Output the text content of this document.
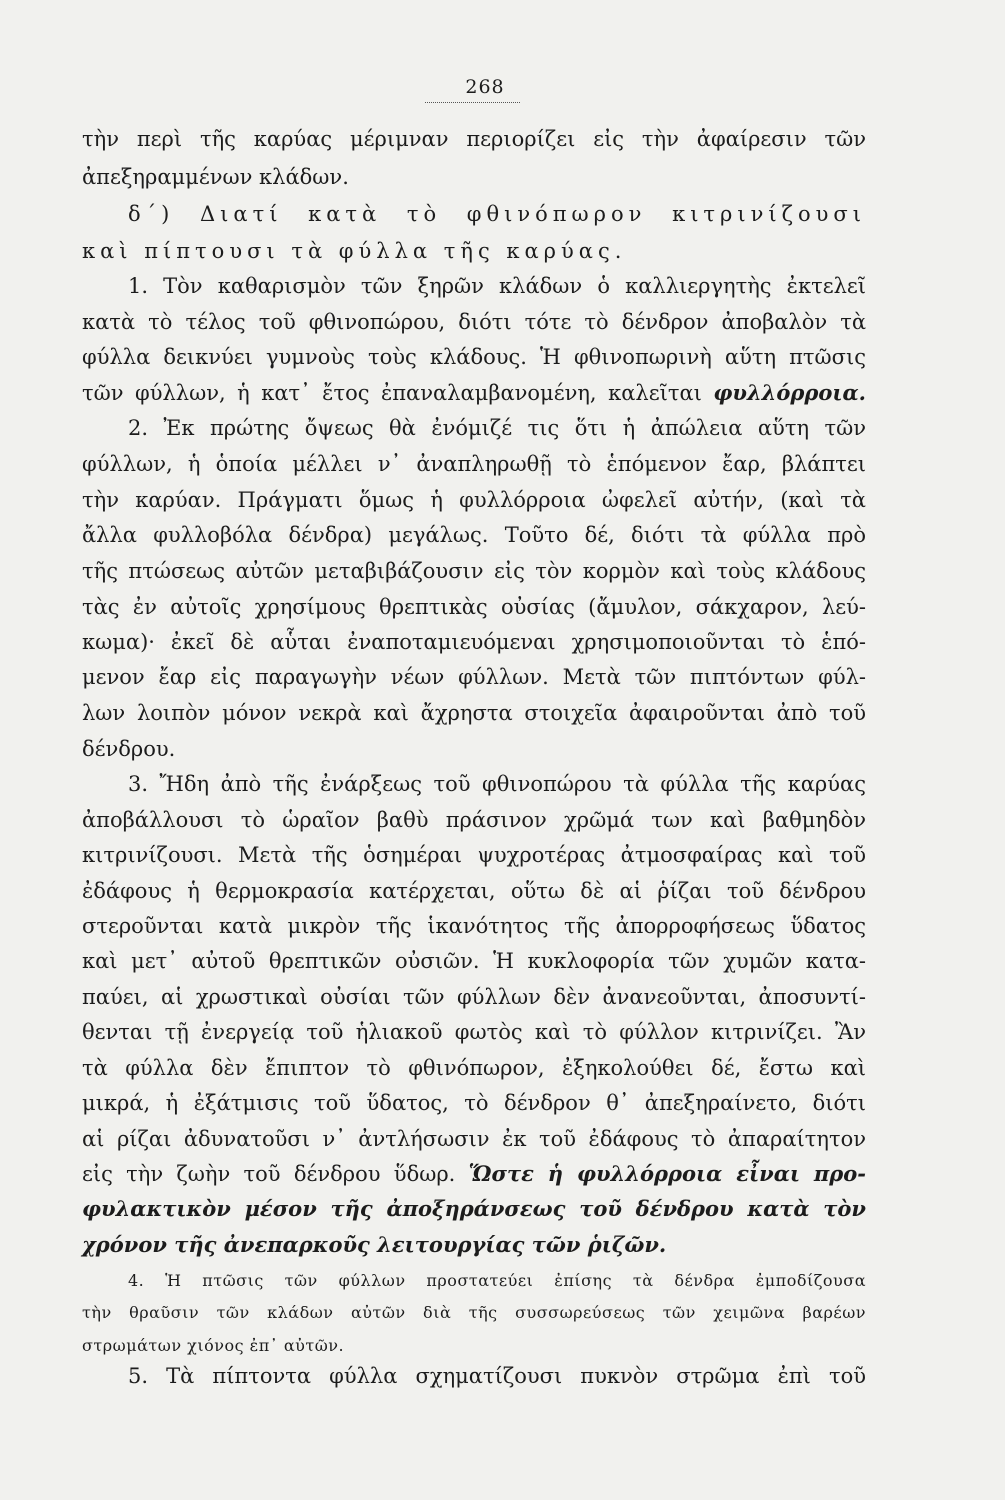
268
τὴν περὶ τῆς καρύας μέριμναν περιορίζει εἰς τὴν ἀφαίρεσιν τῶν
ἀπεξηραμμένων κλάδων.
δ΄) Διατί κατὰ τὸ φθινόπωρον κιτρινίζουσι
καὶ πίπτουσι τὰ φύλλα τῆς καρύας.
1. Τὸν καθαρισμὸν τῶν ξηρῶν κλάδων ὁ καλλιεργητὴς ἐκτελεῖ
κατὰ τὸ τέλος τοῦ φθινοπώρου, διότι τότε τὸ δένδρον ἀποβαλὸν τὰ
φύλλα δεικνύει γυμνοὺς τοὺς κλάδους. Ἡ φθινοπωρινὴ αὕτη πτῶσις
τῶν φύλλων, ἡ κατ᾽ ἔτος ἐπαναλαμβανομένη, καλεῖται φυλλόρροια.
2. Ἐκ πρώτης ὄψεως θὰ ἐνόμιζέ τις ὅτι ἡ ἀπώλεια αὕτη τῶν
φύλλων, ἡ ὁποία μέλλει ν᾽ ἀναπληρωθῇ τὸ ἑπόμενον ἔαρ, βλάπτει
τὴν καρύαν. Πράγματι ὅμως ἡ φυλλόρροια ὠφελεῖ αὐτήν, (καὶ τὰ
ἄλλα φυλλοβόλα δένδρα) μεγάλως. Τοῦτο δέ, διότι τὰ φύλλα πρὸ
τῆς πτώσεως αὐτῶν μεταβιβάζουσιν εἰς τὸν κορμὸν καὶ τοὺς κλάδους
τὰς ἐν αὐτοῖς χρησίμους θρεπτικὰς οὐσίας (ἄμυλον, σάκχαρον, λεύ-
κωμα)· ἐκεῖ δὲ αὗται ἐναποταμιευόμεναι χρησιμοποιοῦνται τὸ ἑπό-
μενον ἔαρ εἰς παραγωγὴν νέων φύλλων. Μετὰ τῶν πιπτόντων φύλ-
λων λοιπὸν μόνον νεκρὰ καὶ ἄχρηστα στοιχεῖα ἀφαιροῦνται ἀπὸ τοῦ
δένδρου.
3. Ἤδη ἀπὸ τῆς ἐνάρξεως τοῦ φθινοπώρου τὰ φύλλα τῆς καρύας
ἀποβάλλουσι τὸ ὡραῖον βαθὺ πράσινον χρῶμά των καὶ βαθμηδὸν
κιτρινίζουσι. Μετὰ τῆς ὁσημέραι ψυχροτέρας ἀτμοσφαίρας καὶ τοῦ
ἐδάφους ἡ θερμοκρασία κατέρχεται, οὕτω δὲ αἱ ῥίζαι τοῦ δένδρου
στεροῦνται κατὰ μικρὸν τῆς ἱκανότητος τῆς ἀπορροφήσεως ὕδατος
καὶ μετ᾽ αὐτοῦ θρεπτικῶν οὐσιῶν. Ἡ κυκλοφορία τῶν χυμῶν κατα-
παύει, αἱ χρωστικαὶ οὐσίαι τῶν φύλλων δὲν ἀνανεοῦνται, ἀποσυντί-
θενται τῇ ἐνεργείᾳ τοῦ ἡλιακοῦ φωτὸς καὶ τὸ φύλλον κιτρινίζει. Ἂν
τὰ φύλλα δὲν ἔπιπτον τὸ φθινόπωρον, ἐξηκολούθει δέ, ἔστω καὶ
μικρά, ἡ ἐξάτμισις τοῦ ὕδατος, τὸ δένδρον θ᾽ ἀπεξηραίνετο, διότι
αἱ ρίζαι ἀδυνατοῦσι ν᾽ ἀντλήσωσιν ἐκ τοῦ ἐδάφους τὸ ἀπαραίτητον
εἰς τὴν ζωὴν τοῦ δένδρου ὕδωρ. Ὥστε ἡ φυλλόρροια εἶναι προ-
φυλακτικὸν μέσον τῆς ἀποξηράνσεως τοῦ δένδρου κατὰ τὸν
χρόνον τῆς ἀνεπαρκοῦς λειτουργίας τῶν ῥιζῶν.
4. Ἡ πτῶσις τῶν φύλλων προστατεύει ἐπίσης τὰ δένδρα ἐμποδίζουσα
τὴν θραῦσιν τῶν κλάδων αὐτῶν διὰ τῆς συσσωρεύσεως τῶν χειμῶνα βαρέων
στρωμάτων χιόνος ἐπ᾽ αὐτῶν.
5. Τὰ πίπτοντα φύλλα σχηματίζουσι πυκνὸν στρῶμα ἐπὶ τοῦ
